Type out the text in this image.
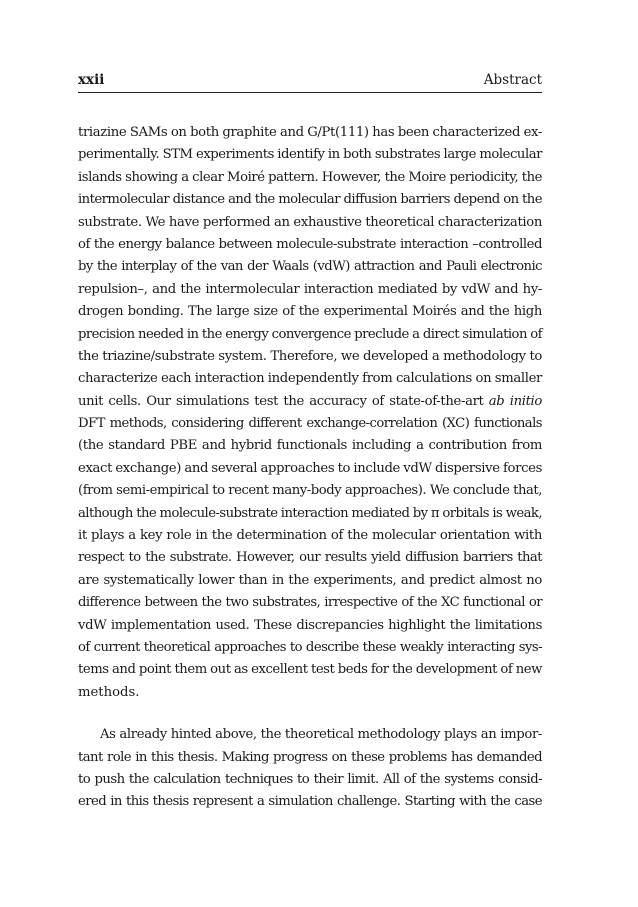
xxii	Abstract
triazine SAMs on both graphite and G/Pt(111) has been characterized ex-
perimentally. STM experiments identify in both substrates large molecular
islands showing a clear Moiré pattern. However, the Moire periodicity, the
intermolecular distance and the molecular diffusion barriers depend on the
substrate. We have performed an exhaustive theoretical characterization
of the energy balance between molecule-substrate interaction –controlled
by the interplay of the van der Waals (vdW) attraction and Pauli electronic
repulsion–, and the intermolecular interaction mediated by vdW and hy-
drogen bonding. The large size of the experimental Moirés and the high
precision needed in the energy convergence preclude a direct simulation of
the triazine/substrate system. Therefore, we developed a methodology to
characterize each interaction independently from calculations on smaller
unit cells. Our simulations test the accuracy of state-of-the-art ab initio
DFT methods, considering different exchange-correlation (XC) functionals
(the standard PBE and hybrid functionals including a contribution from
exact exchange) and several approaches to include vdW dispersive forces
(from semi-empirical to recent many-body approaches). We conclude that,
although the molecule-substrate interaction mediated by π orbitals is weak,
it plays a key role in the determination of the molecular orientation with
respect to the substrate. However, our results yield diffusion barriers that
are systematically lower than in the experiments, and predict almost no
difference between the two substrates, irrespective of the XC functional or
vdW implementation used. These discrepancies highlight the limitations
of current theoretical approaches to describe these weakly interacting sys-
tems and point them out as excellent test beds for the development of new
methods.
As already hinted above, the theoretical methodology plays an impor-
tant role in this thesis. Making progress on these problems has demanded
to push the calculation techniques to their limit. All of the systems consid-
ered in this thesis represent a simulation challenge. Starting with the case
